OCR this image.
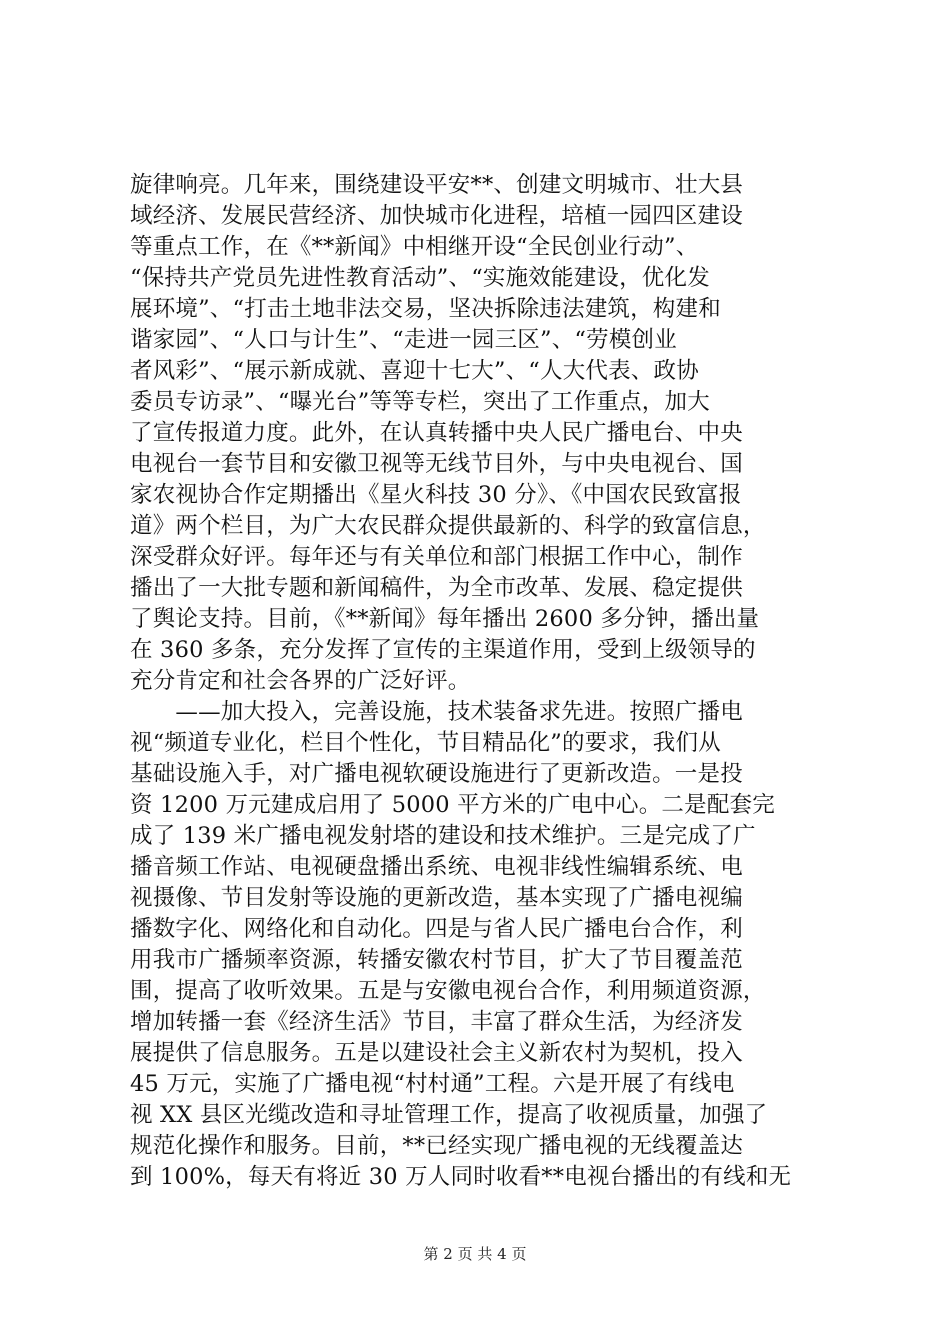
旋律响亮。几年来，围绕建设平安**、创建文明城市、壮大县
域经济、发展民营经济、加快城市化进程，培植一园四区建设
等重点工作，在《**新闻》中相继开设“全民创业行动”、
“保持共产党员先进性教育活动”、“实施效能建设，优化发
展环境”、“打击土地非法交易，坚决拆除违法建筑，构建和
谐家园”、“人口与计生”、“走进一园三区”、“劳模创业
者风彩”、“展示新成就、喜迎十七大”、“人大代表、政协
委员专访录”、“曝光台”等等专栏，突出了工作重点，加大
了宣传报道力度。此外，在认真转播中央人民广播电台、中央
电视台一套节目和安徽卫视等无线节目外，与中央电视台、国
家农视协合作定期播出《星火科技 30 分》、《中国农民致富报
道》两个栏目，为广大农民群众提供最新的、科学的致富信息，
深受群众好评。每年还与有关单位和部门根据工作中心，制作
播出了一大批专题和新闻稿件，为全市改革、发展、稳定提供
了舆论支持。目前，《**新闻》每年播出 2600 多分钟，播出量
在 360 多条，充分发挥了宣传的主渠道作用，受到上级领导的
充分肯定和社会各界的广泛好评。
　　——加大投入，完善设施，技术装备求先进。按照广播电
视“频道专业化，栏目个性化，节目精品化”的要求，我们从
基础设施入手，对广播电视软硬设施进行了更新改造。一是投
资 1200 万元建成启用了 5000 平方米的广电中心。二是配套完
成了 139 米广播电视发射塔的建设和技术维护。三是完成了广
播音频工作站、电视硬盘播出系统、电视非线性编辑系统、电
视摄像、节目发射等设施的更新改造，基本实现了广播电视编
播数字化、网络化和自动化。四是与省人民广播电台合作，利
用我市广播频率资源，转播安徽农村节目，扩大了节目覆盖范
围，提高了收听效果。五是与安徽电视台合作，利用频道资源，
增加转播一套《经济生活》节目，丰富了群众生活，为经济发
展提供了信息服务。五是以建设社会主义新农村为契机，投入
45 万元，实施了广播电视“村村通”工程。六是开展了有线电
视 XX 县区光缆改造和寻址管理工作，提高了收视质量，加强了
规范化操作和服务。目前，**已经实现广播电视的无线覆盖达
到 100%，每天有将近 30 万人同时收看**电视台播出的有线和无
第 2 页 共 4 页
